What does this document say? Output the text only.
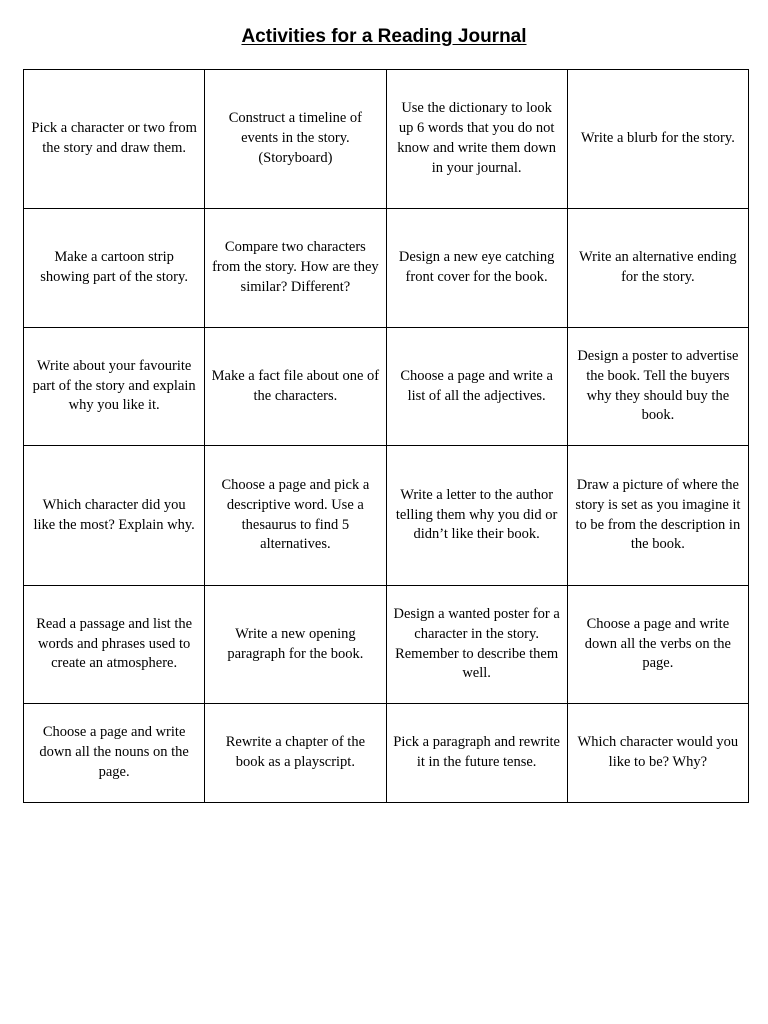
Activities for a Reading Journal
Pick a character or two from the story and draw them.	Construct a timeline of events in the story. (Storyboard)	Use the dictionary to look up 6 words that you do not know and write them down in your journal.	Write a blurb for the story.
Make a cartoon strip showing part of the story.	Compare two characters from the story. How are they similar? Different?	Design a new eye catching front cover for the book.	Write an alternative ending for the story.
Write about your favourite part of the story and explain why you like it.	Make a fact file about one of the characters.	Choose a page and write a list of all the adjectives.	Design a poster to advertise the book. Tell the buyers why they should buy the book.
Which character did you like the most? Explain why.	Choose a page and pick a descriptive word. Use a thesaurus to find 5 alternatives.	Write a letter to the author telling them why you did or didn’t like their book.	Draw a picture of where the story is set as you imagine it to be from the description in the book.
Read a passage and list the words and phrases used to create an atmosphere.	Write a new opening paragraph for the book.	Design a wanted poster for a character in the story. Remember to describe them well.	Choose a page and write down all the verbs on the page.
Choose a page and write down all the nouns on the page.	Rewrite a chapter of the book as a playscript.	Pick a paragraph and rewrite it in the future tense.	Which character would you like to be? Why?
